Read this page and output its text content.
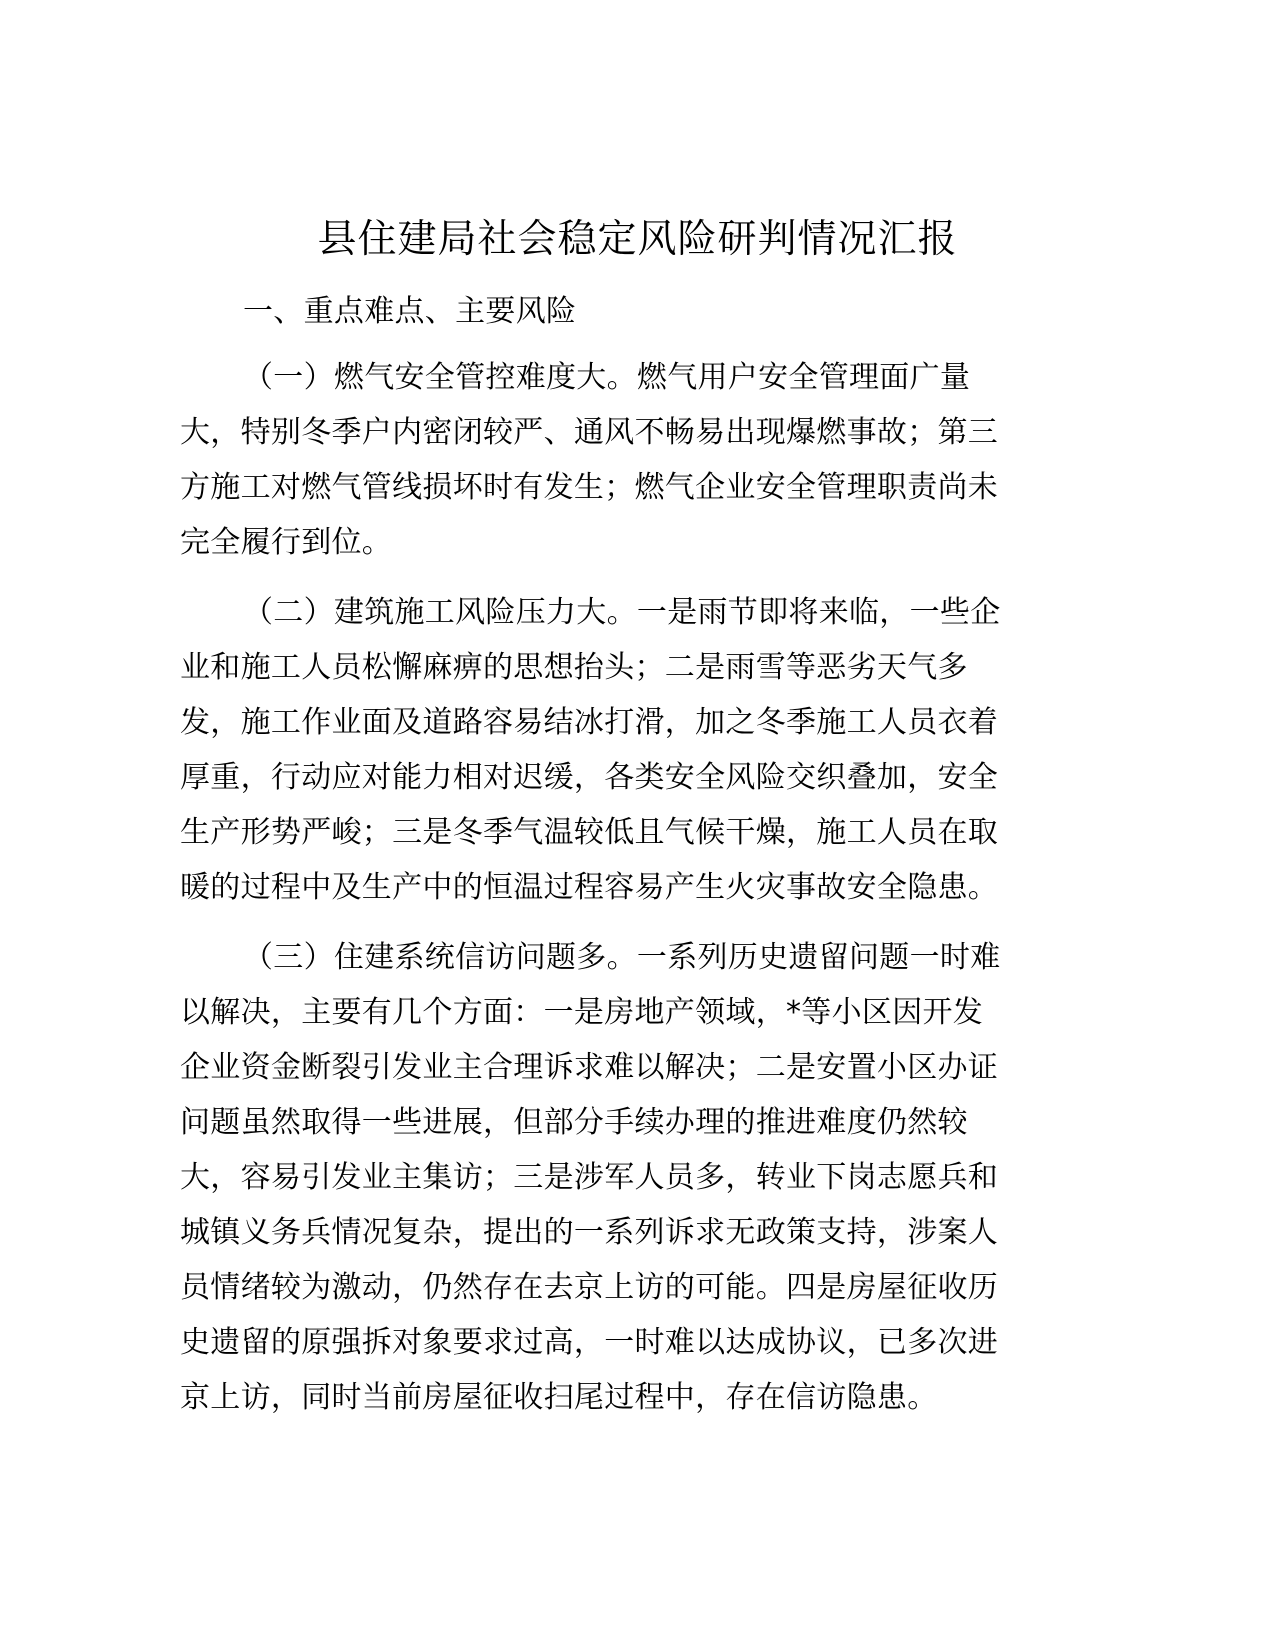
县住建局社会稳定风险研判情况汇报
一、重点难点、主要风险
（一）燃气安全管控难度大。燃气用户安全管理面广量
大，特别冬季户内密闭较严、通风不畅易出现爆燃事故；第三
方施工对燃气管线损坏时有发生；燃气企业安全管理职责尚未
完全履行到位。
（二）建筑施工风险压力大。一是雨节即将来临，一些企
业和施工人员松懈麻痹的思想抬头；二是雨雪等恶劣天气多
发，施工作业面及道路容易结冰打滑，加之冬季施工人员衣着
厚重，行动应对能力相对迟缓，各类安全风险交织叠加，安全
生产形势严峻；三是冬季气温较低且气候干燥，施工人员在取
暖的过程中及生产中的恒温过程容易产生火灾事故安全隐患。
（三）住建系统信访问题多。一系列历史遗留问题一时难
以解决，主要有几个方面：一是房地产领域，*等小区因开发
企业资金断裂引发业主合理诉求难以解决；二是安置小区办证
问题虽然取得一些进展，但部分手续办理的推进难度仍然较
大，容易引发业主集访；三是涉军人员多，转业下岗志愿兵和
城镇义务兵情况复杂，提出的一系列诉求无政策支持，涉案人
员情绪较为激动，仍然存在去京上访的可能。四是房屋征收历
史遗留的原强拆对象要求过高，一时难以达成协议，已多次进
京上访，同时当前房屋征收扫尾过程中，存在信访隐患。
